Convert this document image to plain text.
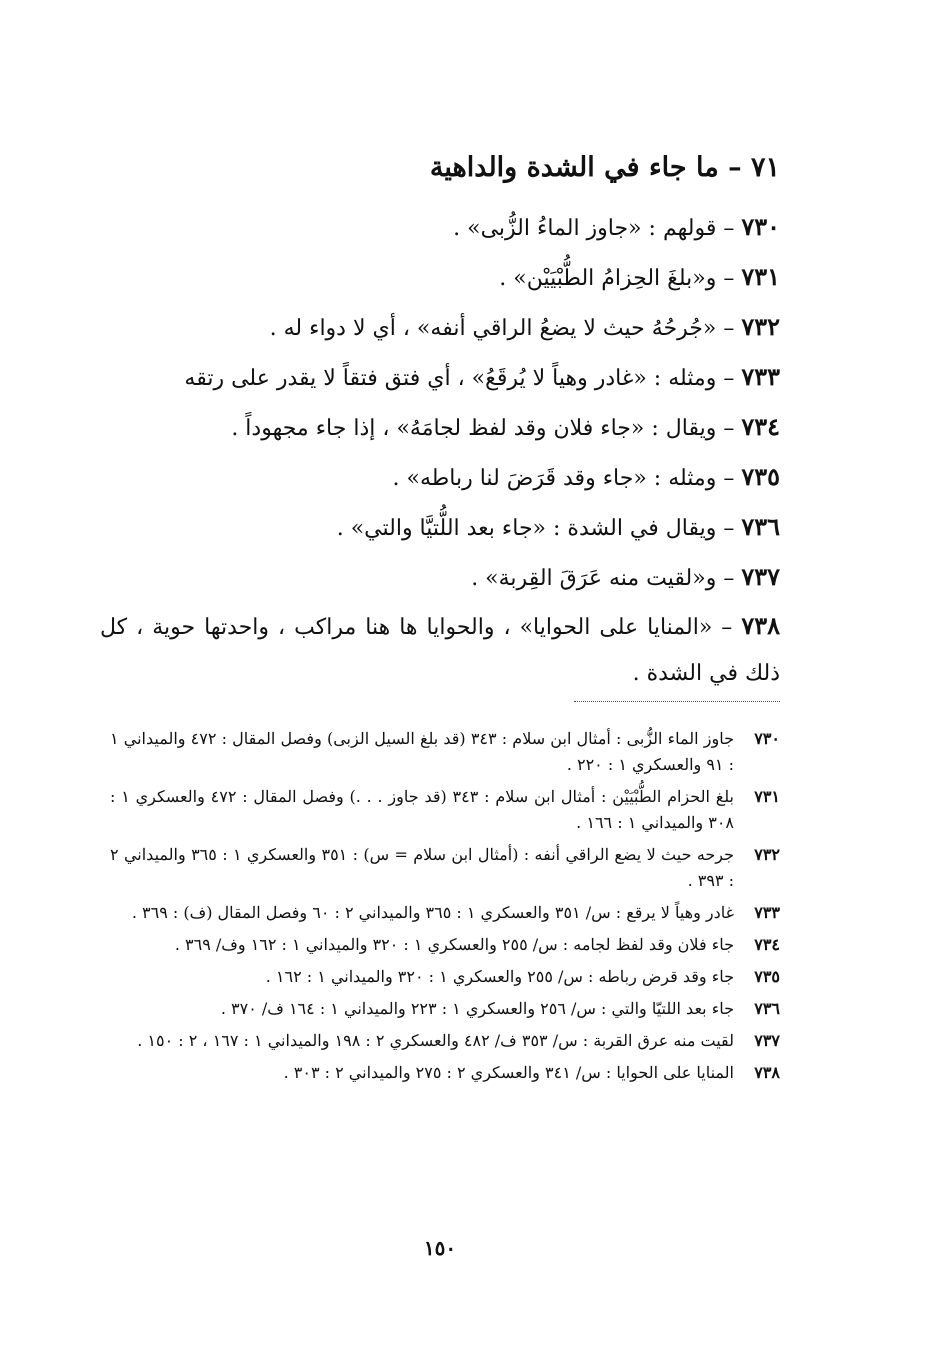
٧١ – ما جاء في الشدة والداهية
٧٣٠ – قولهم : «جاوز الماءُ الزُّبى» .
٧٣١ – و«بلغَ الحِزامُ الطُّبْيَيْن» .
٧٣٢ – «جُرحُهُ حيث لا يضعُ الراقي أنفه» ، أي لا دواء له .
٧٣٣ – ومثله : «غادر وهياً لا يُرقَعُ» ، أي فتق فتقاً لا يقدر على رتقه
٧٣٤ – ويقال : «جاء فلان وقد لفظ لجامَهُ» ، إذا جاء مجهوداً .
٧٣٥ – ومثله : «جاء وقد قَرَضَ لنا رباطه» .
٧٣٦ – ويقال في الشدة : «جاء بعد اللُّتيَّا والتي» .
٧٣٧ – و«لقيت منه عَرَقَ القِربة» .
٧٣٨ – «المنايا على الحوايا» ، والحوايا ها هنا مراكب ، واحدتها حوية ، كل ذلك في الشدة .
٧٣٠
جاوز الماء الزُّبى : أمثال ابن سلام : ٣٤٣ (قد بلغ السيل الزبى) وفصل المقال : ٤٧٢ والميداني ١ : ٩١ والعسكري ١ : ٢٢٠ .
٧٣١
بلغ الحزام الطُّبْيَيْن : أمثال ابن سلام : ٣٤٣ (قد جاوز . . .) وفصل المقال : ٤٧٢ والعسكري ١ : ٣٠٨ والميداني ١ : ١٦٦ .
٧٣٢
جرحه حيث لا يضع الراقي أنفه : (أمثال ابن سلام = س) : ٣٥١ والعسكري ١ : ٣٦٥ والميداني ٢ : ٣٩٣ .
٧٣٣
غادر وهياً لا يرقع : س/ ٣٥١ والعسكري ١ : ٣٦٥ والميداني ٢ : ٦٠ وفصل المقال (ف) : ٣٦٩ .
٧٣٤
جاء فلان وقد لفظ لجامه : س/ ٢٥٥ والعسكري ١ : ٣٢٠ والميداني ١ : ١٦٢ وف/ ٣٦٩ .
٧٣٥
جاء وقد قرض رباطه : س/ ٢٥٥ والعسكري ١ : ٣٢٠ والميداني ١ : ١٦٢ .
٧٣٦
جاء بعد اللتيّا والتي : س/ ٢٥٦ والعسكري ١ : ٢٢٣ والميداني ١ : ١٦٤ ف/ ٣٧٠ .
٧٣٧
لقيت منه عرق القربة : س/ ٣٥٣ ف/ ٤٨٢ والعسكري ٢ : ١٩٨ والميداني ١ : ١٦٧ ، ٢ : ١٥٠ .
٧٣٨
المنايا على الحوايا : س/ ٣٤١ والعسكري ٢ : ٢٧٥ والميداني ٢ : ٣٠٣ .
١٥٠
